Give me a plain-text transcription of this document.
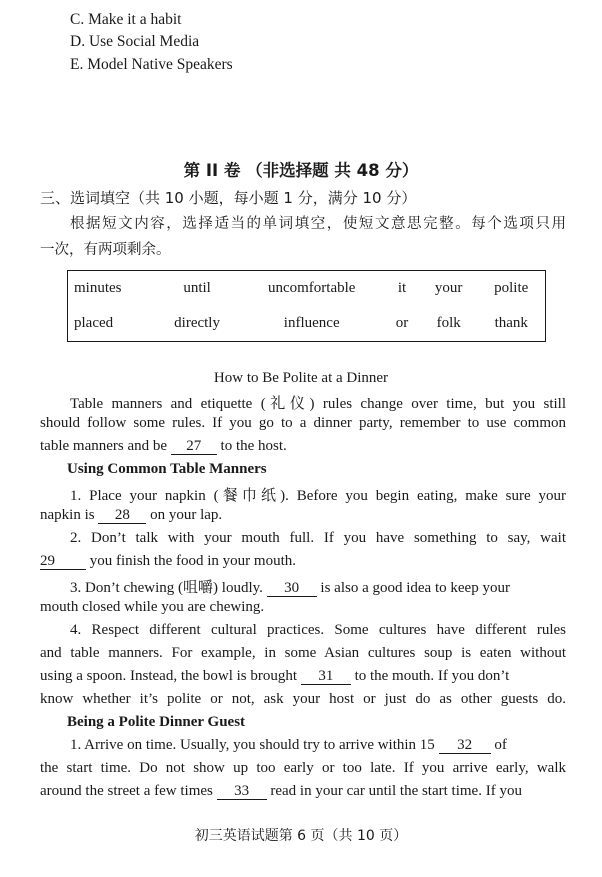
C. Make it a habit
D. Use Social Media
E. Model Native Speakers
第 II 卷 （非选择题 共 48 分）
三、选词填空（共 10 小题，每小题 1 分，满分 10 分）
根据短文内容，选择适当的单词填空，使短文意思完整。每个选项只用
一次，有两项剩余。
minutes	until	uncomfortable	it	your	polite
placed	directly	influence	or	folk	thank
How to Be Polite at a Dinner
Table manners and etiquette (礼仪) rules change over time, but you still
should follow some rules. If you go to a dinner party, remember to use common
table manners and be 27 to the host.
Using Common Table Manners
1. Place your napkin (餐巾纸). Before you begin eating, make sure your
napkin is 28 on your lap.
2. Don’t talk with your mouth full. If you have something to say, wait
29 you finish the food in your mouth.
3. Don’t chewing (咀嚼) loudly. 30 is also a good idea to keep your
mouth closed while you are chewing.
4. Respect different cultural practices. Some cultures have different rules
and table manners. For example, in some Asian cultures soup is eaten without
using a spoon. Instead, the bowl is brought 31 to the mouth. If you don’t
know whether it’s polite or not, ask your host or just do as other guests do.
Being a Polite Dinner Guest
1. Arrive on time. Usually, you should try to arrive within 15 32 of
the start time. Do not show up too early or too late. If you arrive early, walk
around the street a few times 33 read in your car until the start time. If you
初三英语试题第 6 页（共 10 页）
